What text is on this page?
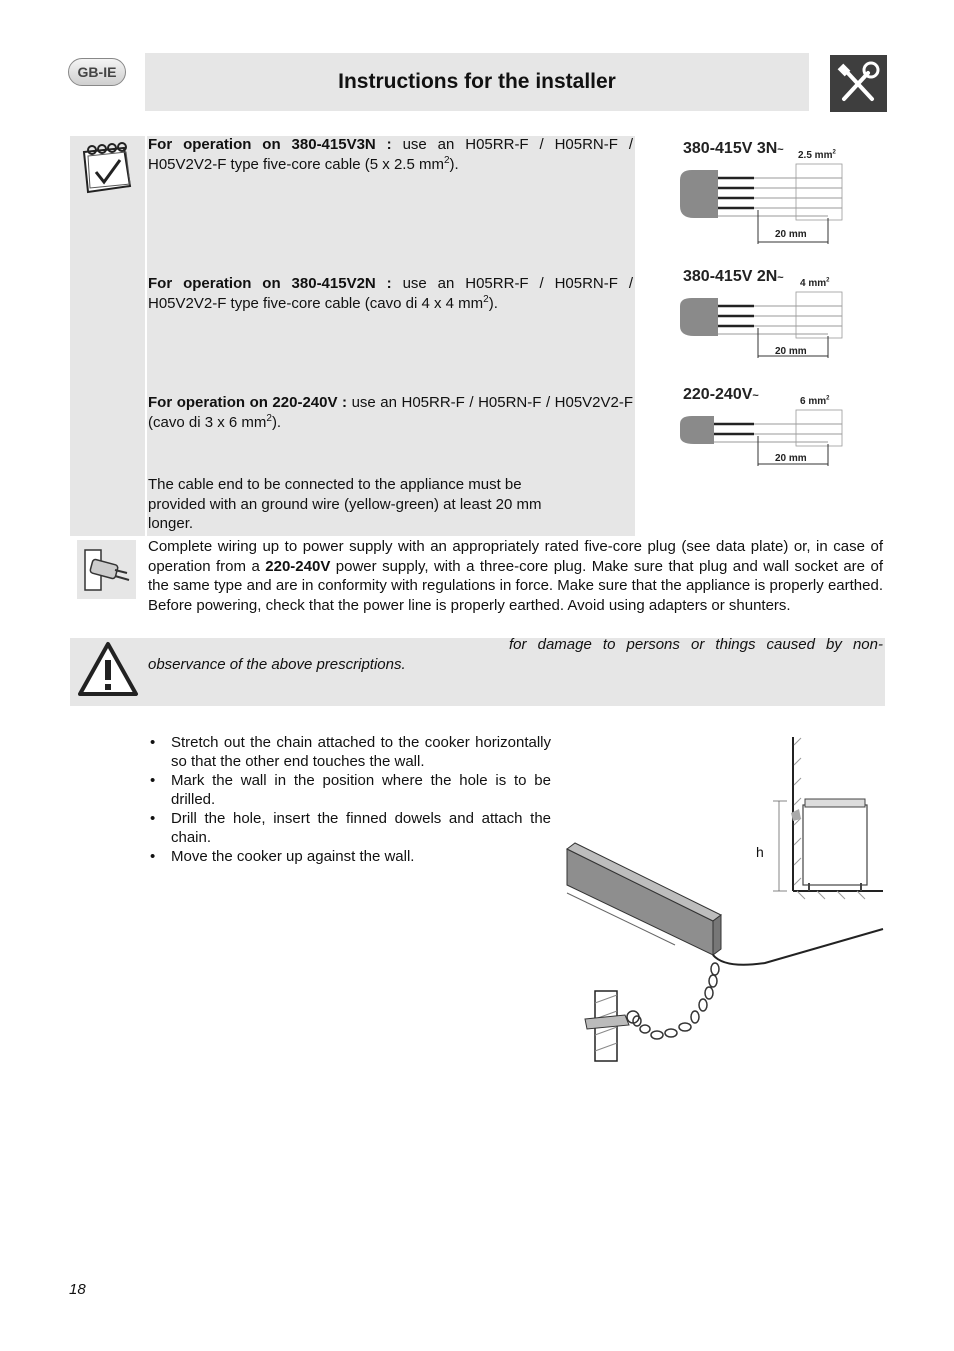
GB-IE	Instructions for the installer

For operation on 380-415V3N : use an H05RR-F / H05RN-F / H05V2V2-F type five-core cable (5 x 2.5 $mm^2$).

For operation on 380-415V2N : use an H05RR-F / H05RN-F / H05V2V2-F type five-core cable (cavo di 4 x 4 $mm^2$).

For operation on 220-240V : use an H05RR-F / H05RN-F / H05V2V2-F (cavo di 3 x 6 $mm^2$).

The cable end to be connected to the appliance must be provided with an ground wire (yellow-green) at least 20 mm longer.

380-415V 3N~ 2.5 $mm^2$
20 mm
380-415V 2N~ 4 $mm^2$
20 mm
220-240V~	6 $mm^2$
20 mm

Complete wiring up to power supply with an appropriately rated five-core plug (see data plate) or, in case of operation from a 220-240V power supply, with a three-core plug. Make sure that plug and wall socket are of the same type and are in conformity with regulations in force. Make sure that the appliance is properly earthed. Before powering, check that the power line is properly earthed. Avoid using adapters or shunters.

for damage to persons or things caused by non-observance of the above prescriptions.

• Stretch out the chain attached to the cooker horizontally so that the other end touches the wall.
• Mark the wall in the position where the hole is to be drilled.
• Drill the hole, insert the finned dowels and attach the chain.
• Move the cooker up against the wall.	h
18
